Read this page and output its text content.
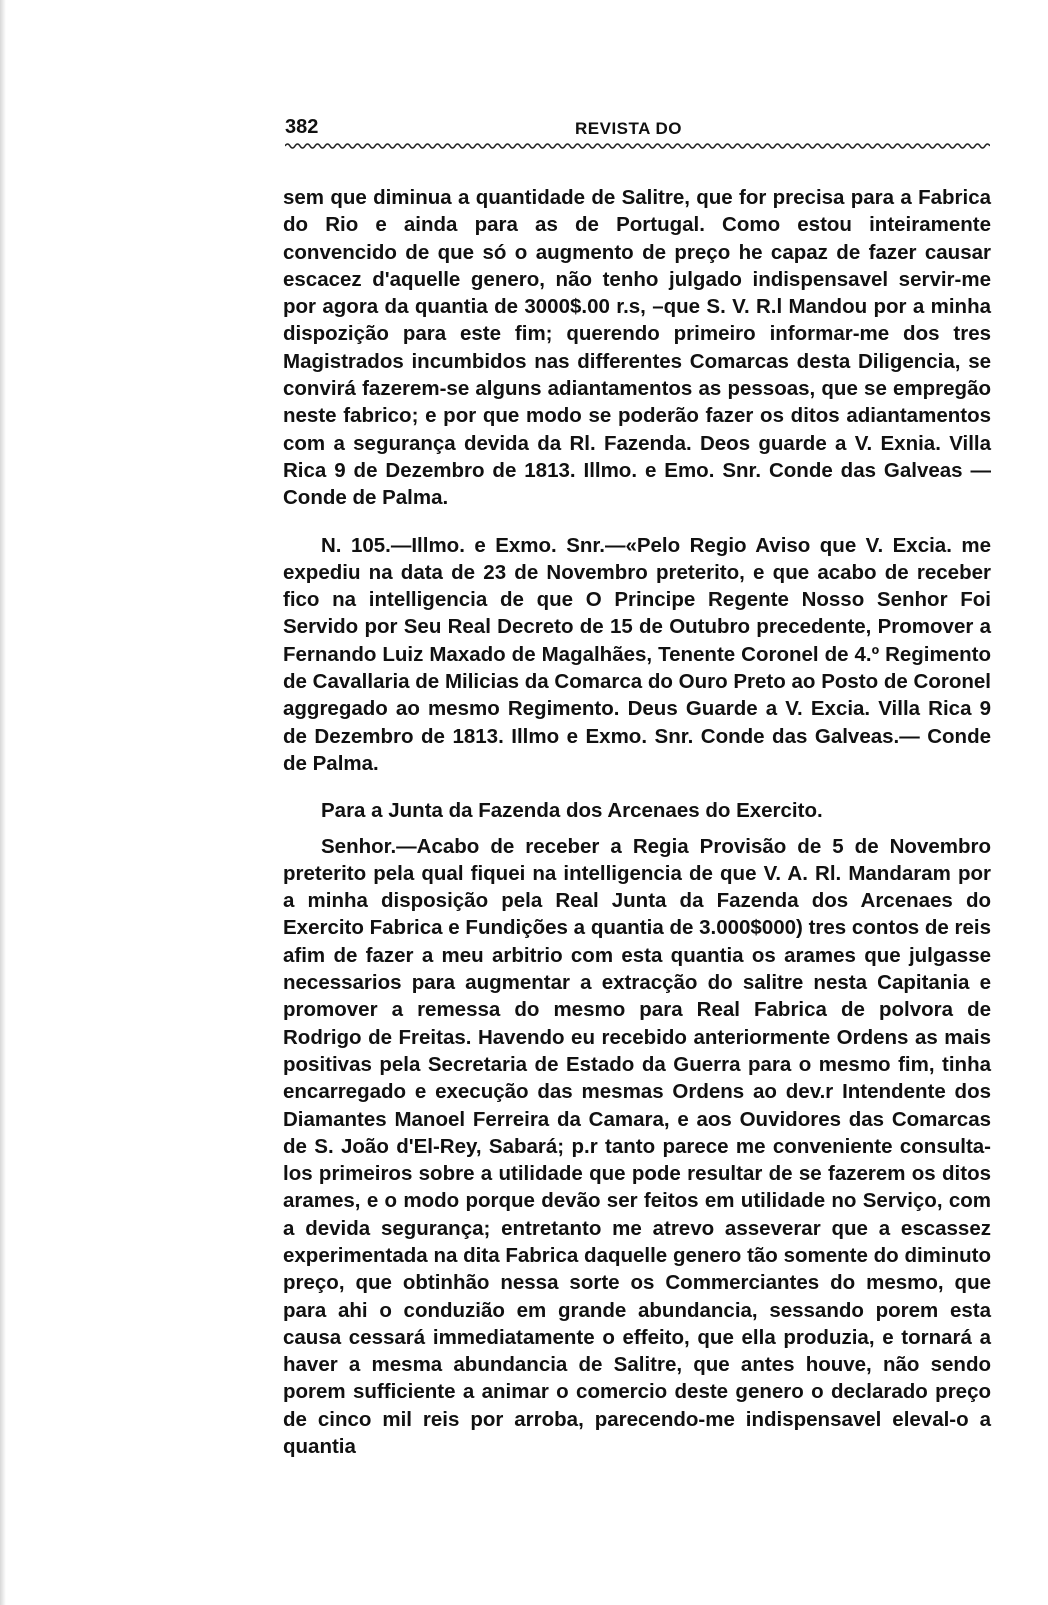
382	REVISTA DO

sem que diminua a quantidade de Salitre, que for precisa para a Fabrica do Rio e ainda para as de Portugal. Como estou inteiramente convencido de que só o augmento de preço he capaz de fazer causar escacez d'aquelle genero, não tenho julgado indispensavel servir-me por agora da quantia de 3000$.00 r.s, –que S. V. R.l Mandou por a minha dispozição para este fim; querendo primeiro informar-me dos tres Magistrados incumbidos nas differentes Comarcas desta Diligencia, se convirá fazerem-se alguns adiantamentos as pessoas, que se empregão neste fabrico; e por que modo se poderão fazer os ditos adiantamentos com a segurança devida da Rl. Fazenda. Deos guarde a V. Exnia. Villa Rica 9 de Dezembro de 1813. Illmo. e Emo. Snr. Conde das Galveas —Conde de Palma.

N. 105.—Illmo. e Exmo. Snr.—«Pelo Regio Aviso que V. Excia. me expediu na data de 23 de Novembro preterito, e que acabo de receber fico na intelligencia de que O Principe Regente Nosso Senhor Foi Servido por Seu Real Decreto de 15 de Outubro precedente, Promover a Fernando Luiz Maxado de Magalhães, Tenente Coronel de 4.º Regimento de Cavallaria de Milicias da Comarca do Ouro Preto ao Posto de Coronel aggregado ao mesmo Regimento. Deus Guarde a V. Excia. Villa Rica 9 de Dezembro de 1813. Illmo e Exmo. Snr. Conde das Galveas.— Conde de Palma.

Para a Junta da Fazenda dos Arcenaes do Exercito.

Senhor.—Acabo de receber a Regia Provisão de 5 de Novembro preterito pela qual fiquei na intelligencia de que V. A. Rl. Mandaram por a minha disposição pela Real Junta da Fazenda dos Arcenaes do Exercito Fabrica e Fundições a quantia de 3.000$000) tres contos de reis afim de fazer a meu arbitrio com esta quantia os arames que julgasse necessarios para augmentar a extracção do salitre nesta Capitania e promover a remessa do mesmo para Real Fabrica de polvora de Rodrigo de Freitas. Havendo eu recebido anteriormente Ordens as mais positivas pela Secretaria de Estado da Guerra para o mesmo fim, tinha encarregado e execução das mesmas Ordens ao dev.r Intendente dos Diamantes Manoel Ferreira da Camara, e aos Ouvidores das Comarcas de S. João d'El-Rey, Sabará; p.r tanto parece me conveniente consulta-los primeiros sobre a utilidade que pode resultar de se fazerem os ditos arames, e o modo porque devão ser feitos em utilidade no Serviço, com a devida segurança; entretanto me atrevo asseverar que a escassez experimentada na dita Fabrica daquelle genero tão somente do diminuto preço, que obtinhão nessa sorte os Commerciantes do mesmo, que para ahi o conduzião em grande abundancia, sessando porem esta causa cessará immediatamente o effeito, que ella produzia, e tornará a haver a mesma abundancia de Salitre, que antes houve, não sendo porem sufficiente a animar o comercio deste genero o declarado preço de cinco mil reis por arroba, parecendo-me indispensavel eleval-o a quantia
